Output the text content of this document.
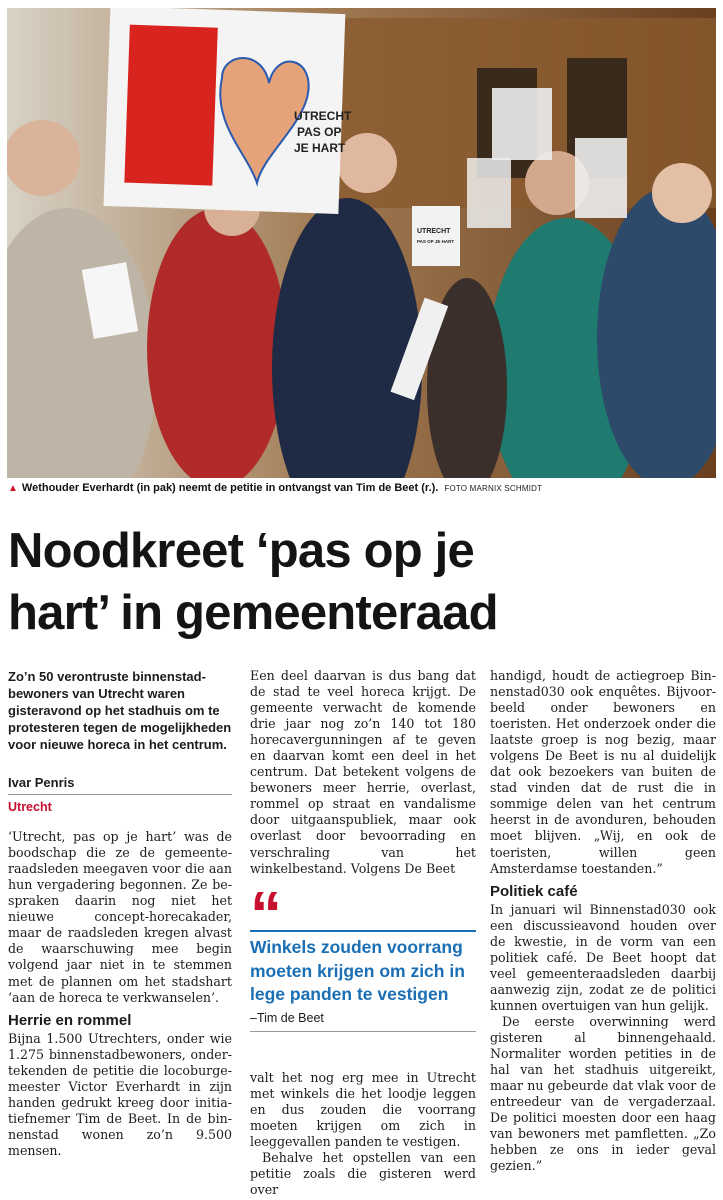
UTRECHT
PAS OP
JE HART
UTRECHT
PAS OP JE HART
▲ Wethouder Everhardt (in pak) neemt de petitie in ontvangst van Tim de Beet (r.). FOTO MARNIX SCHMIDT
Noodkreet ‘pas op je
hart’ in gemeenteraad

Zo’n 50 verontruste binnenstadbewoners van Utrecht waren gisteravond op het stadhuis om te protesteren tegen de mogelijkheden voor nieuwe horeca in het centrum.

Ivar Penris
Utrecht

‘Utrecht, pas op je hart’ was de boodschap die ze de gemeenteraadsleden meegaven voor die aan hun vergadering begonnen. Ze bespraken daarin nog niet het nieuwe concept-horecakader, maar de raadsleden kregen alvast de waarschuwing mee begin volgend jaar niet in te stemmen met de plannen om het stadshart ‘aan de horeca te verkwanselen’.

Herrie en rommel

Bijna 1.500 Utrechters, onder wie 1.275 binnenstadbewoners, ondertekenden de petitie die locoburgemeester Victor Everhardt in zijn handen gedrukt kreeg door initiatiefnemer Tim de Beet. In de binnenstad wonen zo’n 9.500 mensen.

Een deel daarvan is dus bang dat de stad te veel horeca krijgt. De gemeente verwacht de komende drie jaar nog zo’n 140 tot 180 horecavergunningen af te geven en daarvan komt een deel in het centrum. Dat betekent volgens de bewoners meer herrie, overlast, rommel op straat en vandalisme door uitgaanspubliek, maar ook overlast door bevoorrading en verschraling van het winkelbestand. Volgens De Beet

“
Winkels zouden voorrang moeten krijgen om zich in lege panden te vestigen
–Tim de Beet

valt het nog erg mee in Utrecht met winkels die het loodje leggen en dus zouden die voorrang moeten krijgen om zich in leeggevallen panden te vestigen.

Behalve het opstellen van een petitie zoals die gisteren werd over

handigd, houdt de actiegroep Binnenstad030 ook enquêtes. Bijvoorbeeld onder bewoners en toeristen. Het onderzoek onder die laatste groep is nog bezig, maar volgens De Beet is nu al duidelijk dat ook bezoekers van buiten de stad vinden dat de rust die in sommige delen van het centrum heerst in de avonduren, behouden moet blijven. „Wij, en ook de toeristen, willen geen Amsterdamse toestanden.”

Politiek café

In januari wil Binnenstad030 ook een discussieavond houden over de kwestie, in de vorm van een politiek café. De Beet hoopt dat veel gemeenteraadsleden daarbij aanwezig zijn, zodat ze de politici kunnen overtuigen van hun gelijk.

De eerste overwinning werd gisteren al binnengehaald. Normaliter worden petities in de hal van het stadhuis uitgereikt, maar nu gebeurde dat vlak voor de entreedeur van de vergaderzaal. De politici moesten door een haag van bewoners met pamfletten. „Zo hebben ze ons in ieder geval gezien.”
